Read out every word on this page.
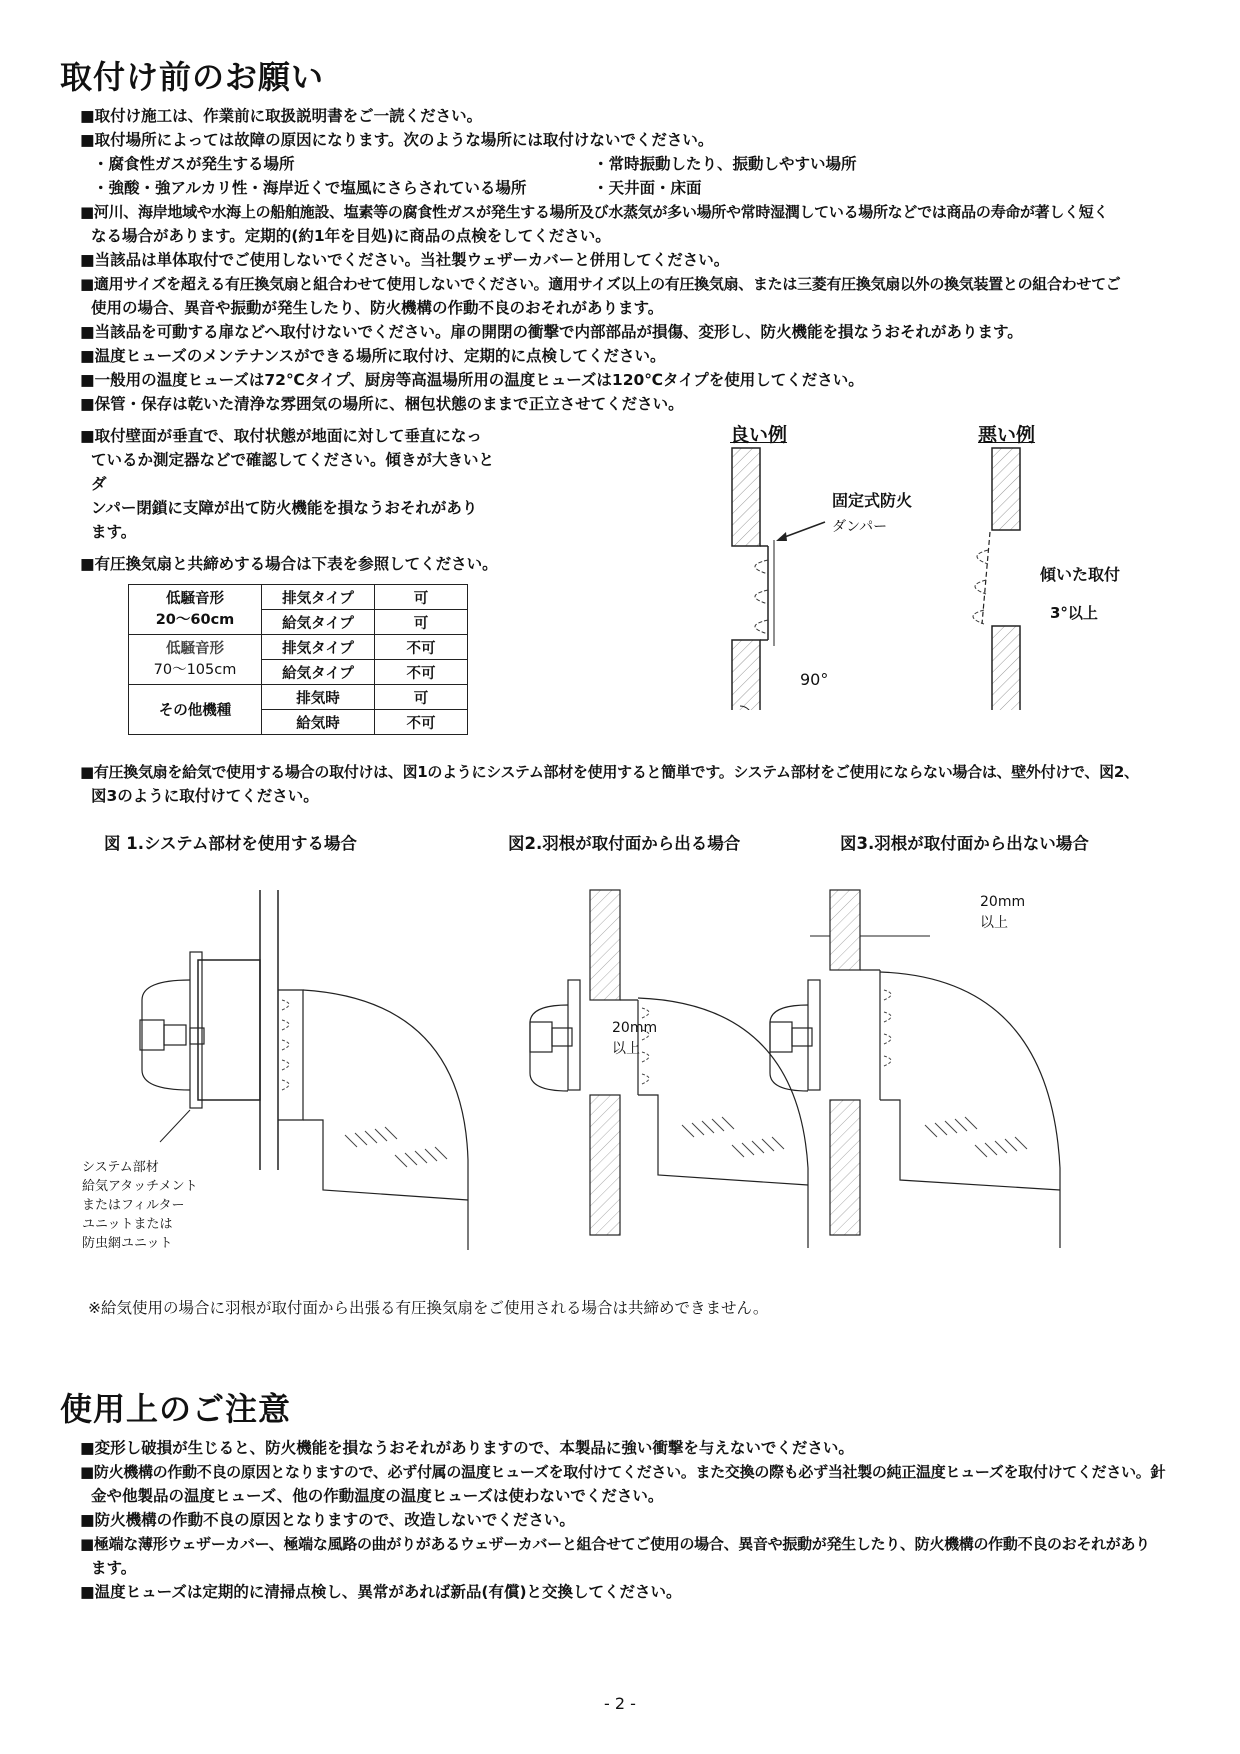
取付け前のお願い
■取付け施工は、作業前に取扱説明書をご一読ください。
■取付場所によっては故障の原因になります。次のような場所には取付けないでください。
・腐食性ガスが発生する場所	・常時振動したり、振動しやすい場所
・強酸・強アルカリ性・海岸近くで塩風にさらされている場所	・天井面・床面
■河川、海岸地域や水海上の船舶施設、塩素等の腐食性ガスが発生する場所及び水蒸気が多い場所や常時湿潤している場所などでは商品の寿命が著しく短く
なる場合があります。定期的(約1年を目処)に商品の点検をしてください。
■当該品は単体取付でご使用しないでください。当社製ウェザーカバーと併用してください。
■適用サイズを超える有圧換気扇と組合わせて使用しないでください。適用サイズ以上の有圧換気扇、または三菱有圧換気扇以外の換気装置との組合わせてご
使用の場合、異音や振動が発生したり、防火機構の作動不良のおそれがあります。
■当該品を可動する扉などへ取付けないでください。扉の開閉の衝撃で内部部品が損傷、変形し、防火機能を損なうおそれがあります。
■温度ヒューズのメンテナンスができる場所に取付け、定期的に点検してください。
■一般用の温度ヒューズは72℃タイプ、厨房等高温場所用の温度ヒューズは120℃タイプを使用してください。
■保管・保存は乾いた清浄な雰囲気の場所に、梱包状態のままで正立させてください。
■取付壁面が垂直で、取付状態が地面に対して垂直になっ
ているか測定器などで確認してください。傾きが大きいとダ
ンパー閉鎖に支障が出て防火機能を損なうおそれがあり
ます。
■有圧換気扇と共締めする場合は下表を参照してください。
低騒音形
20～60cm	排気タイプ	可
	給気タイプ	可
低騒音形
70～105cm	排気タイプ	不可
	給気タイプ	不可
その他機種	排気時	可
	給気時	不可
良い例	悪い例
固定式防火
ダンパー
90°
傾いた取付
3°以上
■有圧換気扇を給気で使用する場合の取付けは、図1のようにシステム部材を使用すると簡単です。システム部材をご使用にならない場合は、壁外付けで、図2、
図3のように取付けてください。
図 1.システム部材を使用する場合	図2.羽根が取付面から出る場合	図3.羽根が取付面から出ない場合
20mm
以上
20mm
以上
システム部材
給気アタッチメント
またはフィルター
ユニットまたは
防虫網ユニット
※給気使用の場合に羽根が取付面から出張る有圧換気扇をご使用される場合は共締めできません。
使用上のご注意
■変形し破損が生じると、防火機能を損なうおそれがありますので、本製品に強い衝撃を与えないでください。
■防火機構の作動不良の原因となりますので、必ず付属の温度ヒューズを取付けてください。また交換の際も必ず当社製の純正温度ヒューズを取付けてください。針
金や他製品の温度ヒューズ、他の作動温度の温度ヒューズは使わないでください。
■防火機構の作動不良の原因となりますので、改造しないでください。
■極端な薄形ウェザーカバー、極端な風路の曲がりがあるウェザーカバーと組合せてご使用の場合、異音や振動が発生したり、防火機構の作動不良のおそれがあり
ます。
■温度ヒューズは定期的に清掃点検し、異常があれば新品(有償)と交換してください。
- 2 -
